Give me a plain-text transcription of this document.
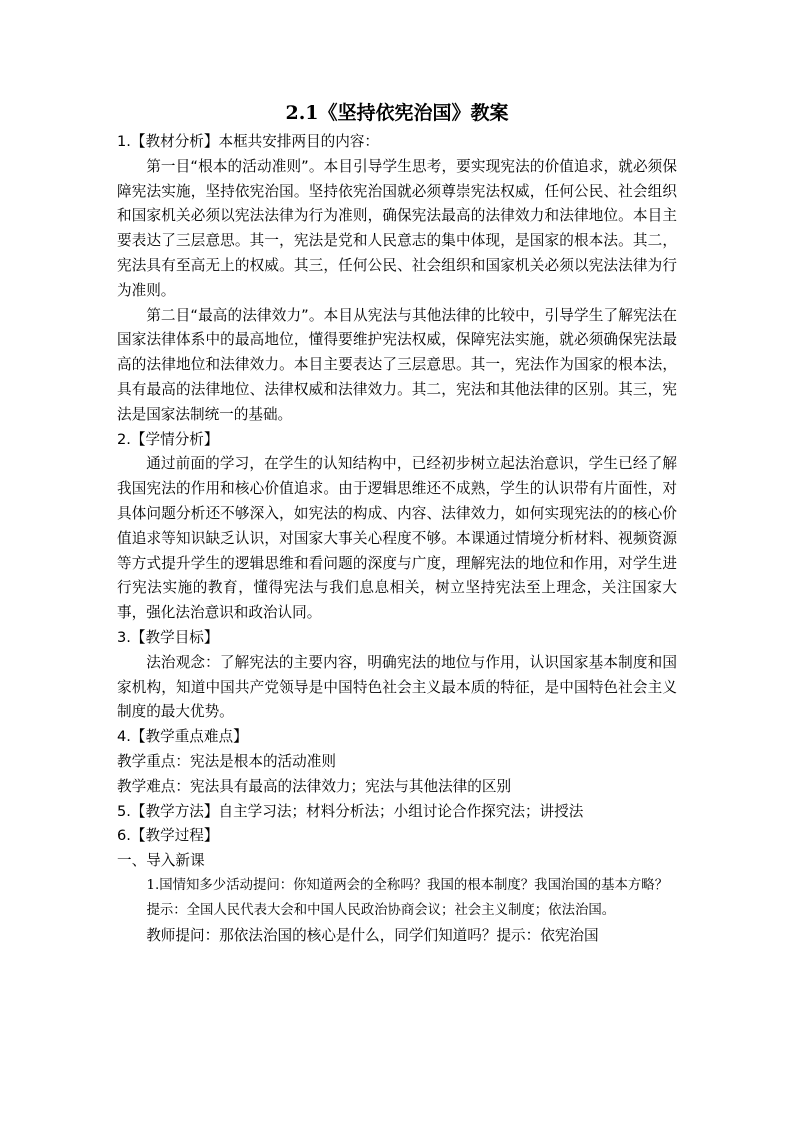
2.1《坚持依宪治国》教案

1.【教材分析】本框共安排两目的内容：

第一目“根本的活动准则”。本目引导学生思考，要实现宪法的价值追求，就必须保障宪法实施，坚持依宪治国。坚持依宪治国就必须尊崇宪法权威，任何公民、社会组织和国家机关必须以宪法法律为行为准则，确保宪法最高的法律效力和法律地位。本目主要表达了三层意思。其一，宪法是党和人民意志的集中体现，是国家的根本法。其二，宪法具有至高无上的权威。其三，任何公民、社会组织和国家机关必须以宪法法律为行为准则。

第二目“最高的法律效力”。本目从宪法与其他法律的比较中，引导学生了解宪法在国家法律体系中的最高地位，懂得要维护宪法权威，保障宪法实施，就必须确保宪法最高的法律地位和法律效力。本目主要表达了三层意思。其一，宪法作为国家的根本法，具有最高的法律地位、法律权威和法律效力。其二，宪法和其他法律的区别。其三，宪法是国家法制统一的基础。

2.【学情分析】

通过前面的学习，在学生的认知结构中，已经初步树立起法治意识，学生已经了解我国宪法的作用和核心价值追求。由于逻辑思维还不成熟，学生的认识带有片面性，对具体问题分析还不够深入，如宪法的构成、内容、法律效力，如何实现宪法的的核心价值追求等知识缺乏认识，对国家大事关心程度不够。本课通过情境分析材料、视频资源等方式提升学生的逻辑思维和看问题的深度与广度，理解宪法的地位和作用，对学生进行宪法实施的教育，懂得宪法与我们息息相关，树立坚持宪法至上理念，关注国家大事，强化法治意识和政治认同。

3.【教学目标】

法治观念：了解宪法的主要内容，明确宪法的地位与作用，认识国家基本制度和国家机构，知道中国共产党领导是中国特色社会主义最本质的特征，是中国特色社会主义制度的最大优势。

4.【教学重点难点】

教学重点：宪法是根本的活动准则

教学难点：宪法具有最高的法律效力；宪法与其他法律的区别

5.【教学方法】自主学习法；材料分析法；小组讨论合作探究法；讲授法

6.【教学过程】

一、导入新课

1.国情知多少活动提问：你知道两会的全称吗？我国的根本制度？我国治国的基本方略？

提示：全国人民代表大会和中国人民政治协商会议；社会主义制度；依法治国。

教师提问：那依法治国的核心是什么，同学们知道吗？提示：依宪治国
